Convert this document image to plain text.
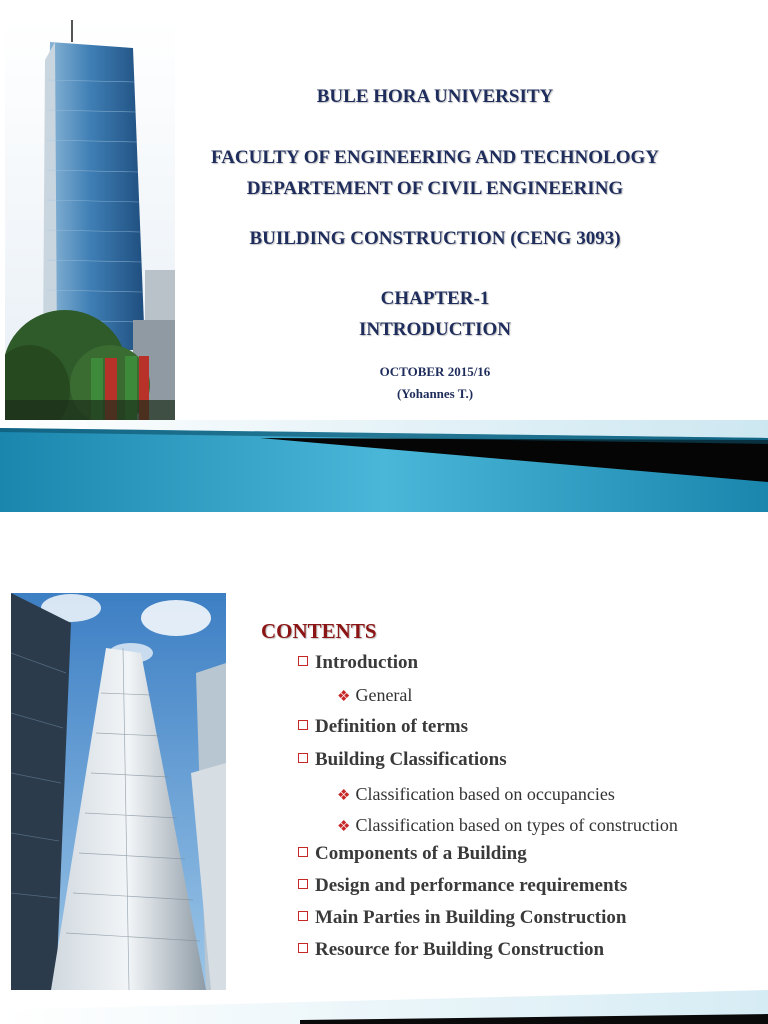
BULE HORA UNIVERSITY
FACULTY OF ENGINEERING AND TECHNOLOGY
DEPARTEMENT OF CIVIL ENGINEERING
BUILDING CONSTRUCTION (CENG 3093)
CHAPTER-1
INTRODUCTION
OCTOBER 2015/16
(Yohannes T.)
CONTENTS
Introduction
❖ General
Definition of terms
Building Classifications
❖ Classification based on occupancies
❖ Classification based on types of construction
Components of a Building
Design and performance requirements
Main Parties in Building Construction
Resource for Building Construction
